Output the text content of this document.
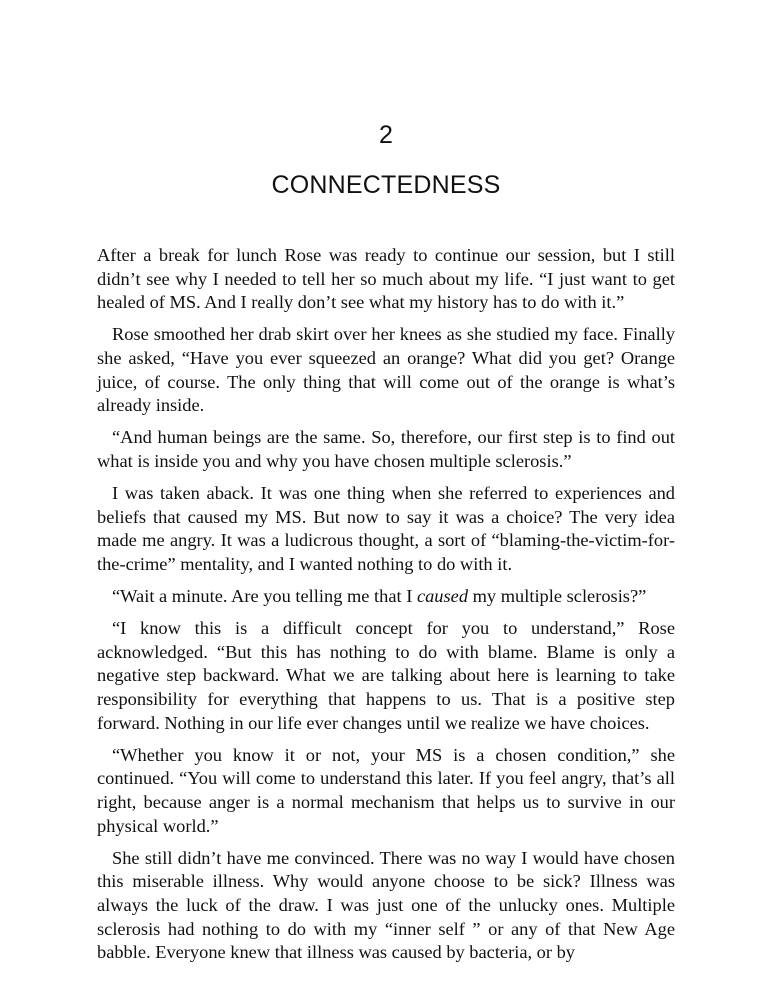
2
CONNECTEDNESS

After a break for lunch Rose was ready to continue our session, but I still didn’t see why I needed to tell her so much about my life. “I just want to get healed of MS. And I really don’t see what my history has to do with it.”

Rose smoothed her drab skirt over her knees as she studied my face. Finally she asked, “Have you ever squeezed an orange? What did you get? Orange juice, of course. The only thing that will come out of the orange is what’s already inside.

“And human beings are the same. So, therefore, our first step is to find out what is inside you and why you have chosen multiple sclerosis.”

I was taken aback. It was one thing when she referred to experiences and beliefs that caused my MS. But now to say it was a choice? The very idea made me angry. It was a ludicrous thought, a sort of “blaming-the-victim-for-the-crime” mentality, and I wanted nothing to do with it.

“Wait a minute. Are you telling me that I caused my multiple sclerosis?”

“I know this is a difficult concept for you to understand,” Rose acknowledged. “But this has nothing to do with blame. Blame is only a negative step backward. What we are talking about here is learning to take responsibility for everything that happens to us. That is a positive step forward. Nothing in our life ever changes until we realize we have choices.

“Whether you know it or not, your MS is a chosen condition,” she continued. “You will come to understand this later. If you feel angry, that’s all right, because anger is a normal mechanism that helps us to survive in our physical world.”

She still didn’t have me convinced. There was no way I would have chosen this miserable illness. Why would anyone choose to be sick? Illness was always the luck of the draw. I was just one of the unlucky ones. Multiple sclerosis had nothing to do with my “inner self ” or any of that New Age babble. Everyone knew that illness was caused by bacteria, or by
